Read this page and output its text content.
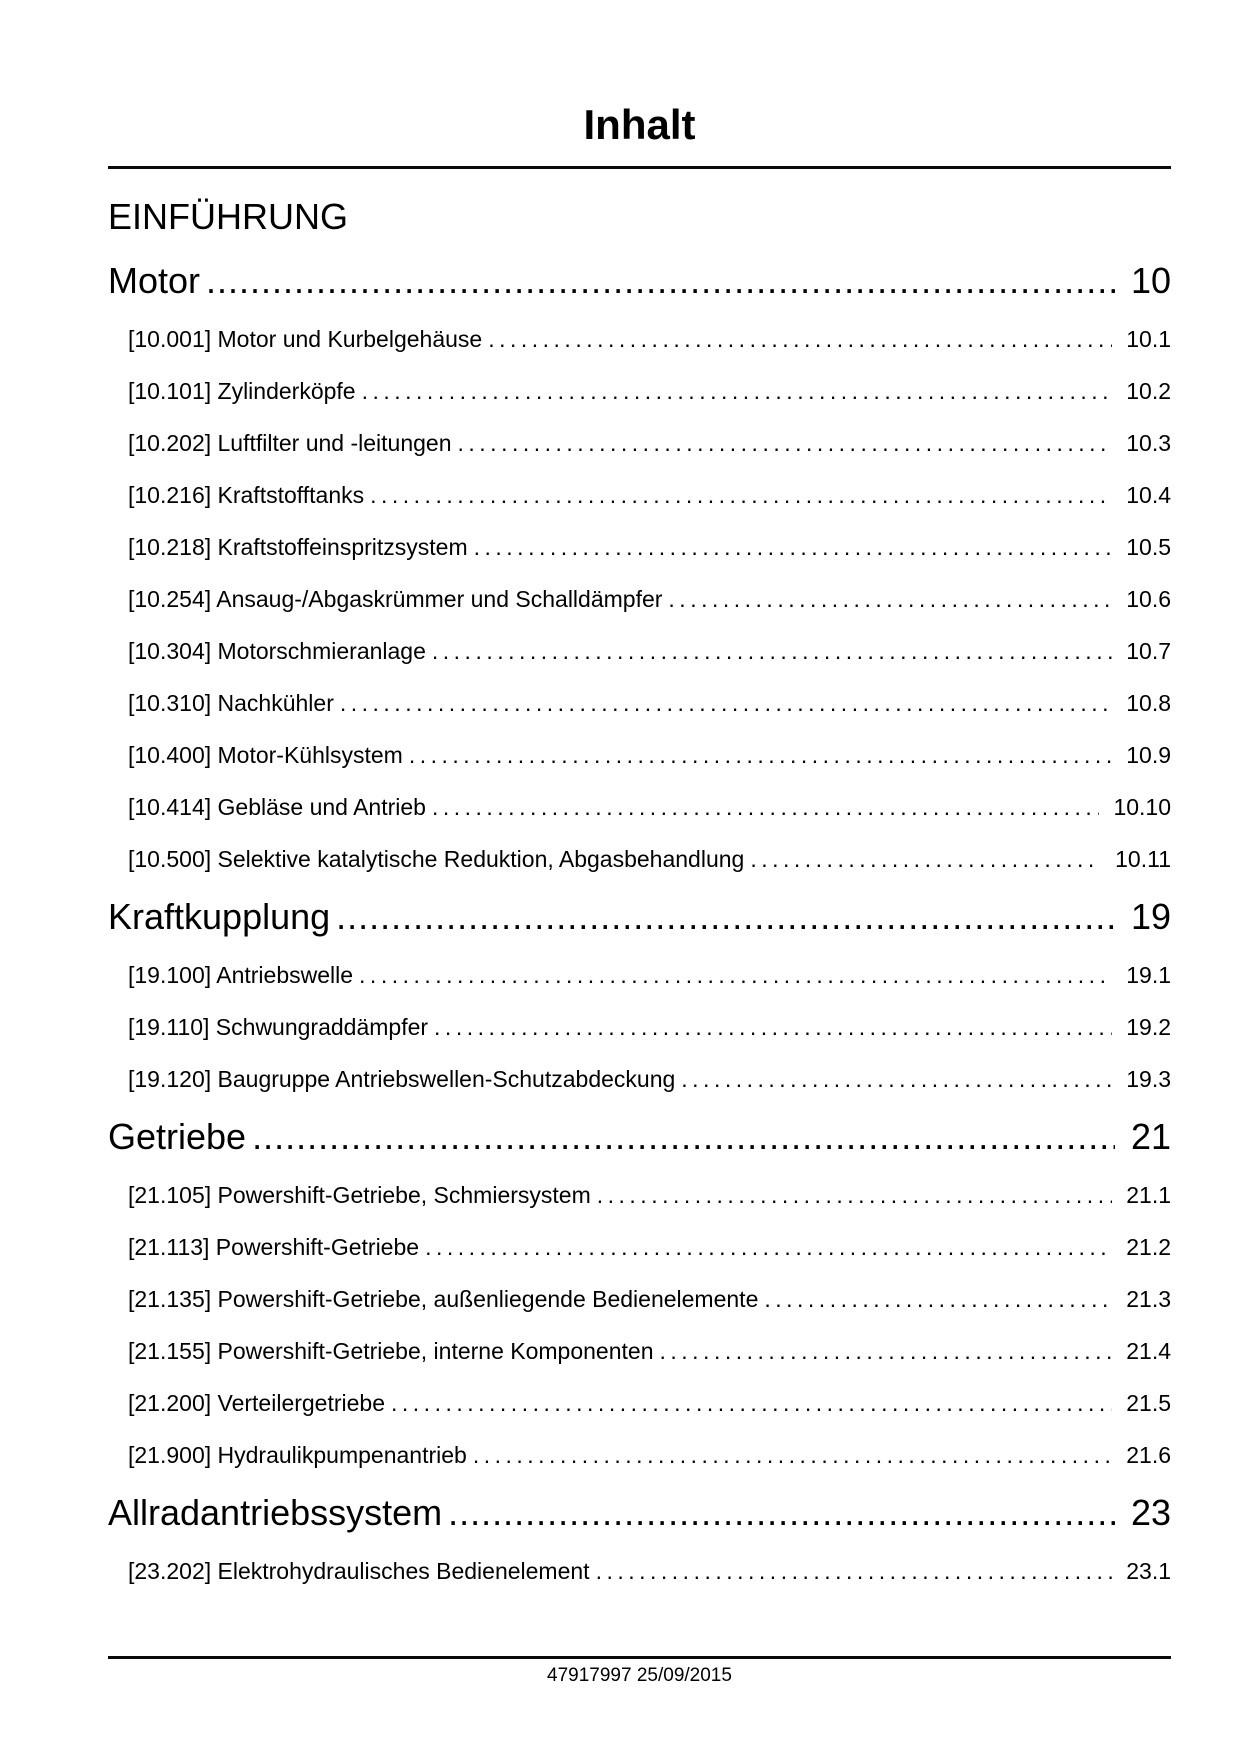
Inhalt
EINFÜHRUNG
Motor .....	10
[10.001] Motor und Kurbelgehäuse .....	10.1
[10.101] Zylinderköpfe .....	10.2
[10.202] Luftfilter und -leitungen .....	10.3
[10.216] Kraftstofftanks .....	10.4
[10.218] Kraftstoffeinspritzsystem .....	10.5
[10.254] Ansaug-/Abgaskrümmer und Schalldämpfer .....	10.6
[10.304] Motorschmieranlage .....	10.7
[10.310] Nachkühler .....	10.8
[10.400] Motor-Kühlsystem .....	10.9
[10.414] Gebläse und Antrieb .....	10.10
[10.500] Selektive katalytische Reduktion, Abgasbehandlung .....	10.11
Kraftkupplung .....	19
[19.100] Antriebswelle .....	19.1
[19.110] Schwungraddämpfer .....	19.2
[19.120] Baugruppe Antriebswellen-Schutzabdeckung .....	19.3
Getriebe .....	21
[21.105] Powershift-Getriebe, Schmiersystem .....	21.1
[21.113] Powershift-Getriebe .....	21.2
[21.135] Powershift-Getriebe, außenliegende Bedienelemente .....	21.3
[21.155] Powershift-Getriebe, interne Komponenten .....	21.4
[21.200] Verteilergetriebe .....	21.5
[21.900] Hydraulikpumpenantrieb .....	21.6
Allradantriebssystem .....	23
[23.202] Elektrohydraulisches Bedienelement .....	23.1
47917997 25/09/2015
